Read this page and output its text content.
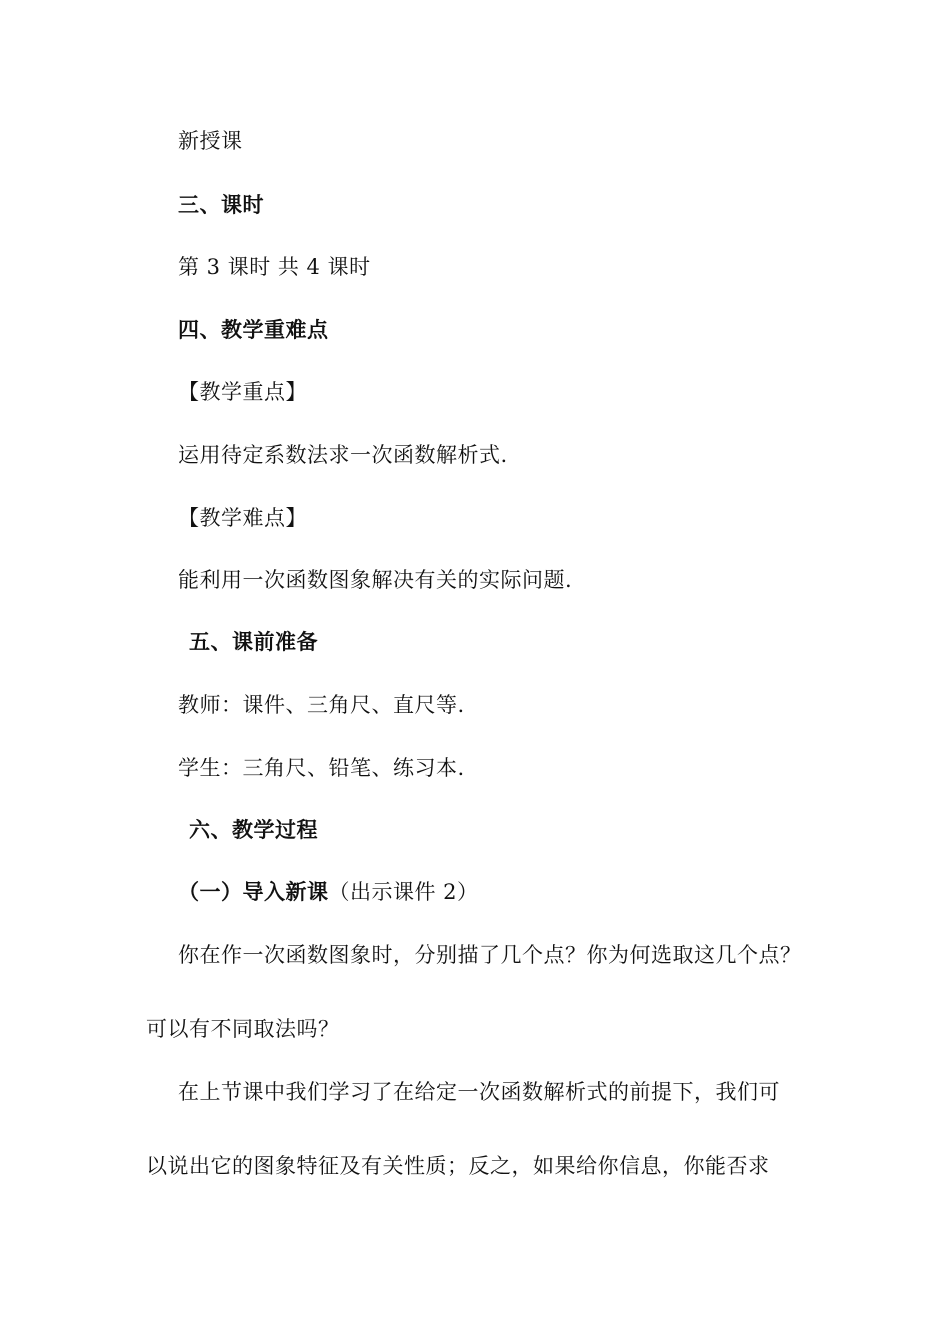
新授课
三、课时
第 3 课时 共 4 课时
四、教学重难点
【教学重点】
运用待定系数法求一次函数解析式.
【教学难点】
能利用一次函数图象解决有关的实际问题.
五、课前准备
教师：课件、三角尺、直尺等.
学生：三角尺、铅笔、练习本.
六、教学过程
（一）导入新课（出示课件 2）
你在作一次函数图象时，分别描了几个点？你为何选取这几个点？
可以有不同取法吗？
在上节课中我们学习了在给定一次函数解析式的前提下，我们可
以说出它的图象特征及有关性质；反之，如果给你信息，你能否求
